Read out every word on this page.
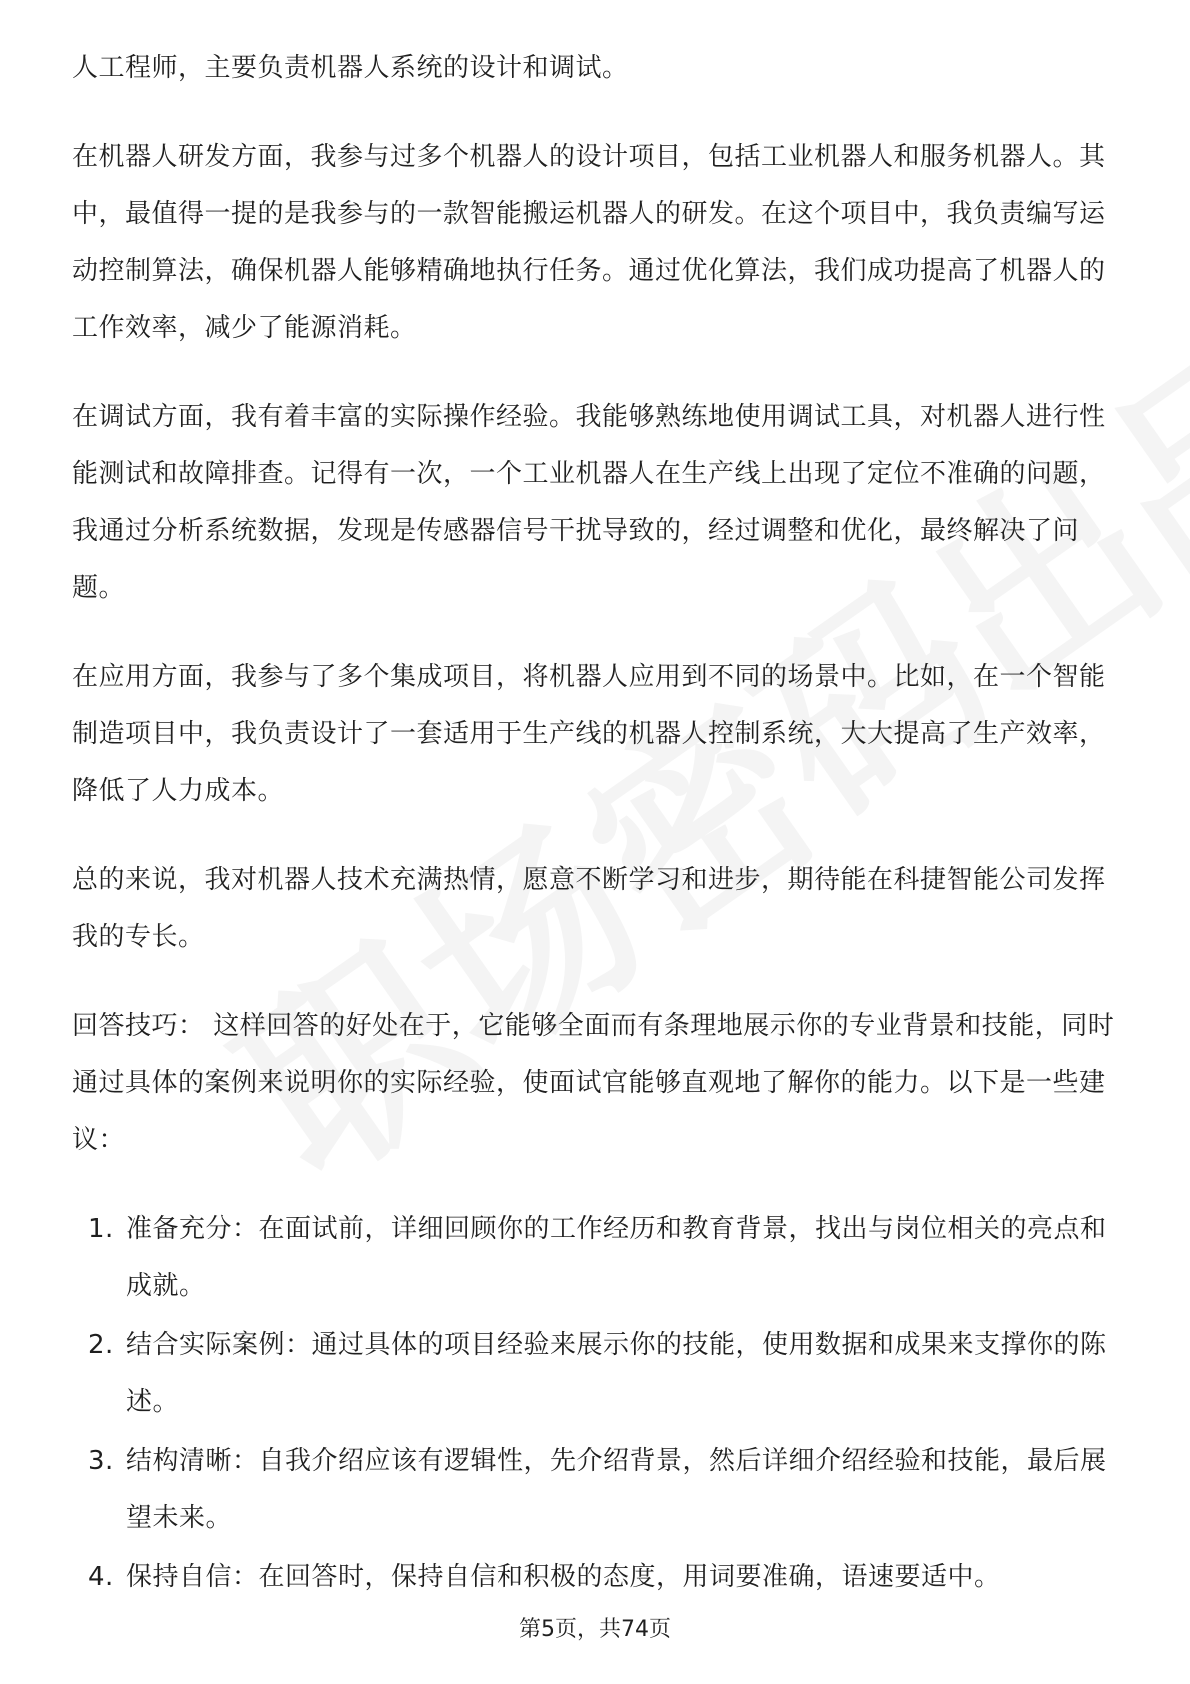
人工程师，主要负责机器人系统的设计和调试。

在机器人研发方面，我参与过多个机器人的设计项目，包括工业机器人和服务机器人。其中，最值得一提的是我参与的一款智能搬运机器人的研发。在这个项目中，我负责编写运动控制算法，确保机器人能够精确地执行任务。通过优化算法，我们成功提高了机器人的工作效率，减少了能源消耗。

在调试方面，我有着丰富的实际操作经验。我能够熟练地使用调试工具，对机器人进行性能测试和故障排查。记得有一次，一个工业机器人在生产线上出现了定位不准确的问题，我通过分析系统数据，发现是传感器信号干扰导致的，经过调整和优化，最终解决了问题。

在应用方面，我参与了多个集成项目，将机器人应用到不同的场景中。比如，在一个智能制造项目中，我负责设计了一套适用于生产线的机器人控制系统，大大提高了生产效率，降低了人力成本。

总的来说，我对机器人技术充满热情，愿意不断学习和进步，期待能在科捷智能公司发挥我的专长。

回答技巧： 这样回答的好处在于，它能够全面而有条理地展示你的专业背景和技能，同时通过具体的案例来说明你的实际经验，使面试官能够直观地了解你的能力。以下是一些建议：

1. 准备充分：在面试前，详细回顾你的工作经历和教育背景，找出与岗位相关的亮点和成就。
2. 结合实际案例：通过具体的项目经验来展示你的技能，使用数据和成果来支撑你的陈述。
3. 结构清晰：自我介绍应该有逻辑性，先介绍背景，然后详细介绍经验和技能，最后展望未来。
4. 保持自信：在回答时，保持自信和积极的态度，用词要准确，语速要适中。
第5页，共74页
